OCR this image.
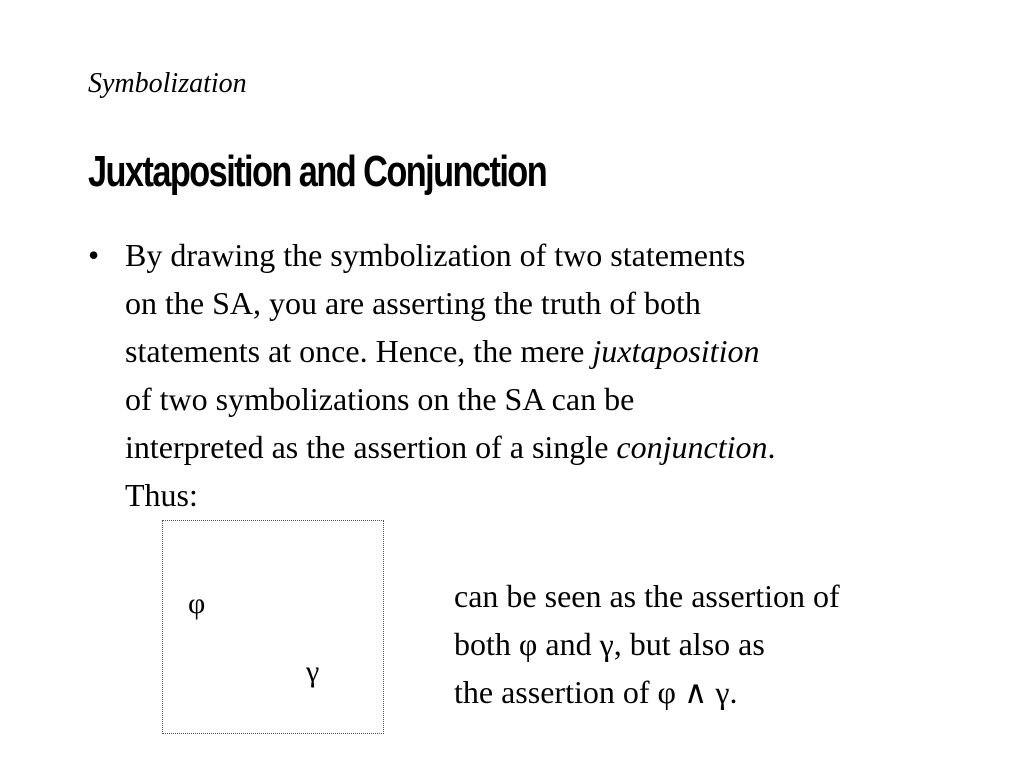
Symbolization
Juxtaposition and Conjunction
• By drawing the symbolization of two statements
on the SA, you are asserting the truth of both
statements at once. Hence, the mere juxtaposition
of two symbolizations on the SA can be
interpreted as the assertion of a single conjunction.
Thus:
φ
γ
can be seen as the assertion of
both φ and γ, but also as
the assertion of φ ∧ γ.
